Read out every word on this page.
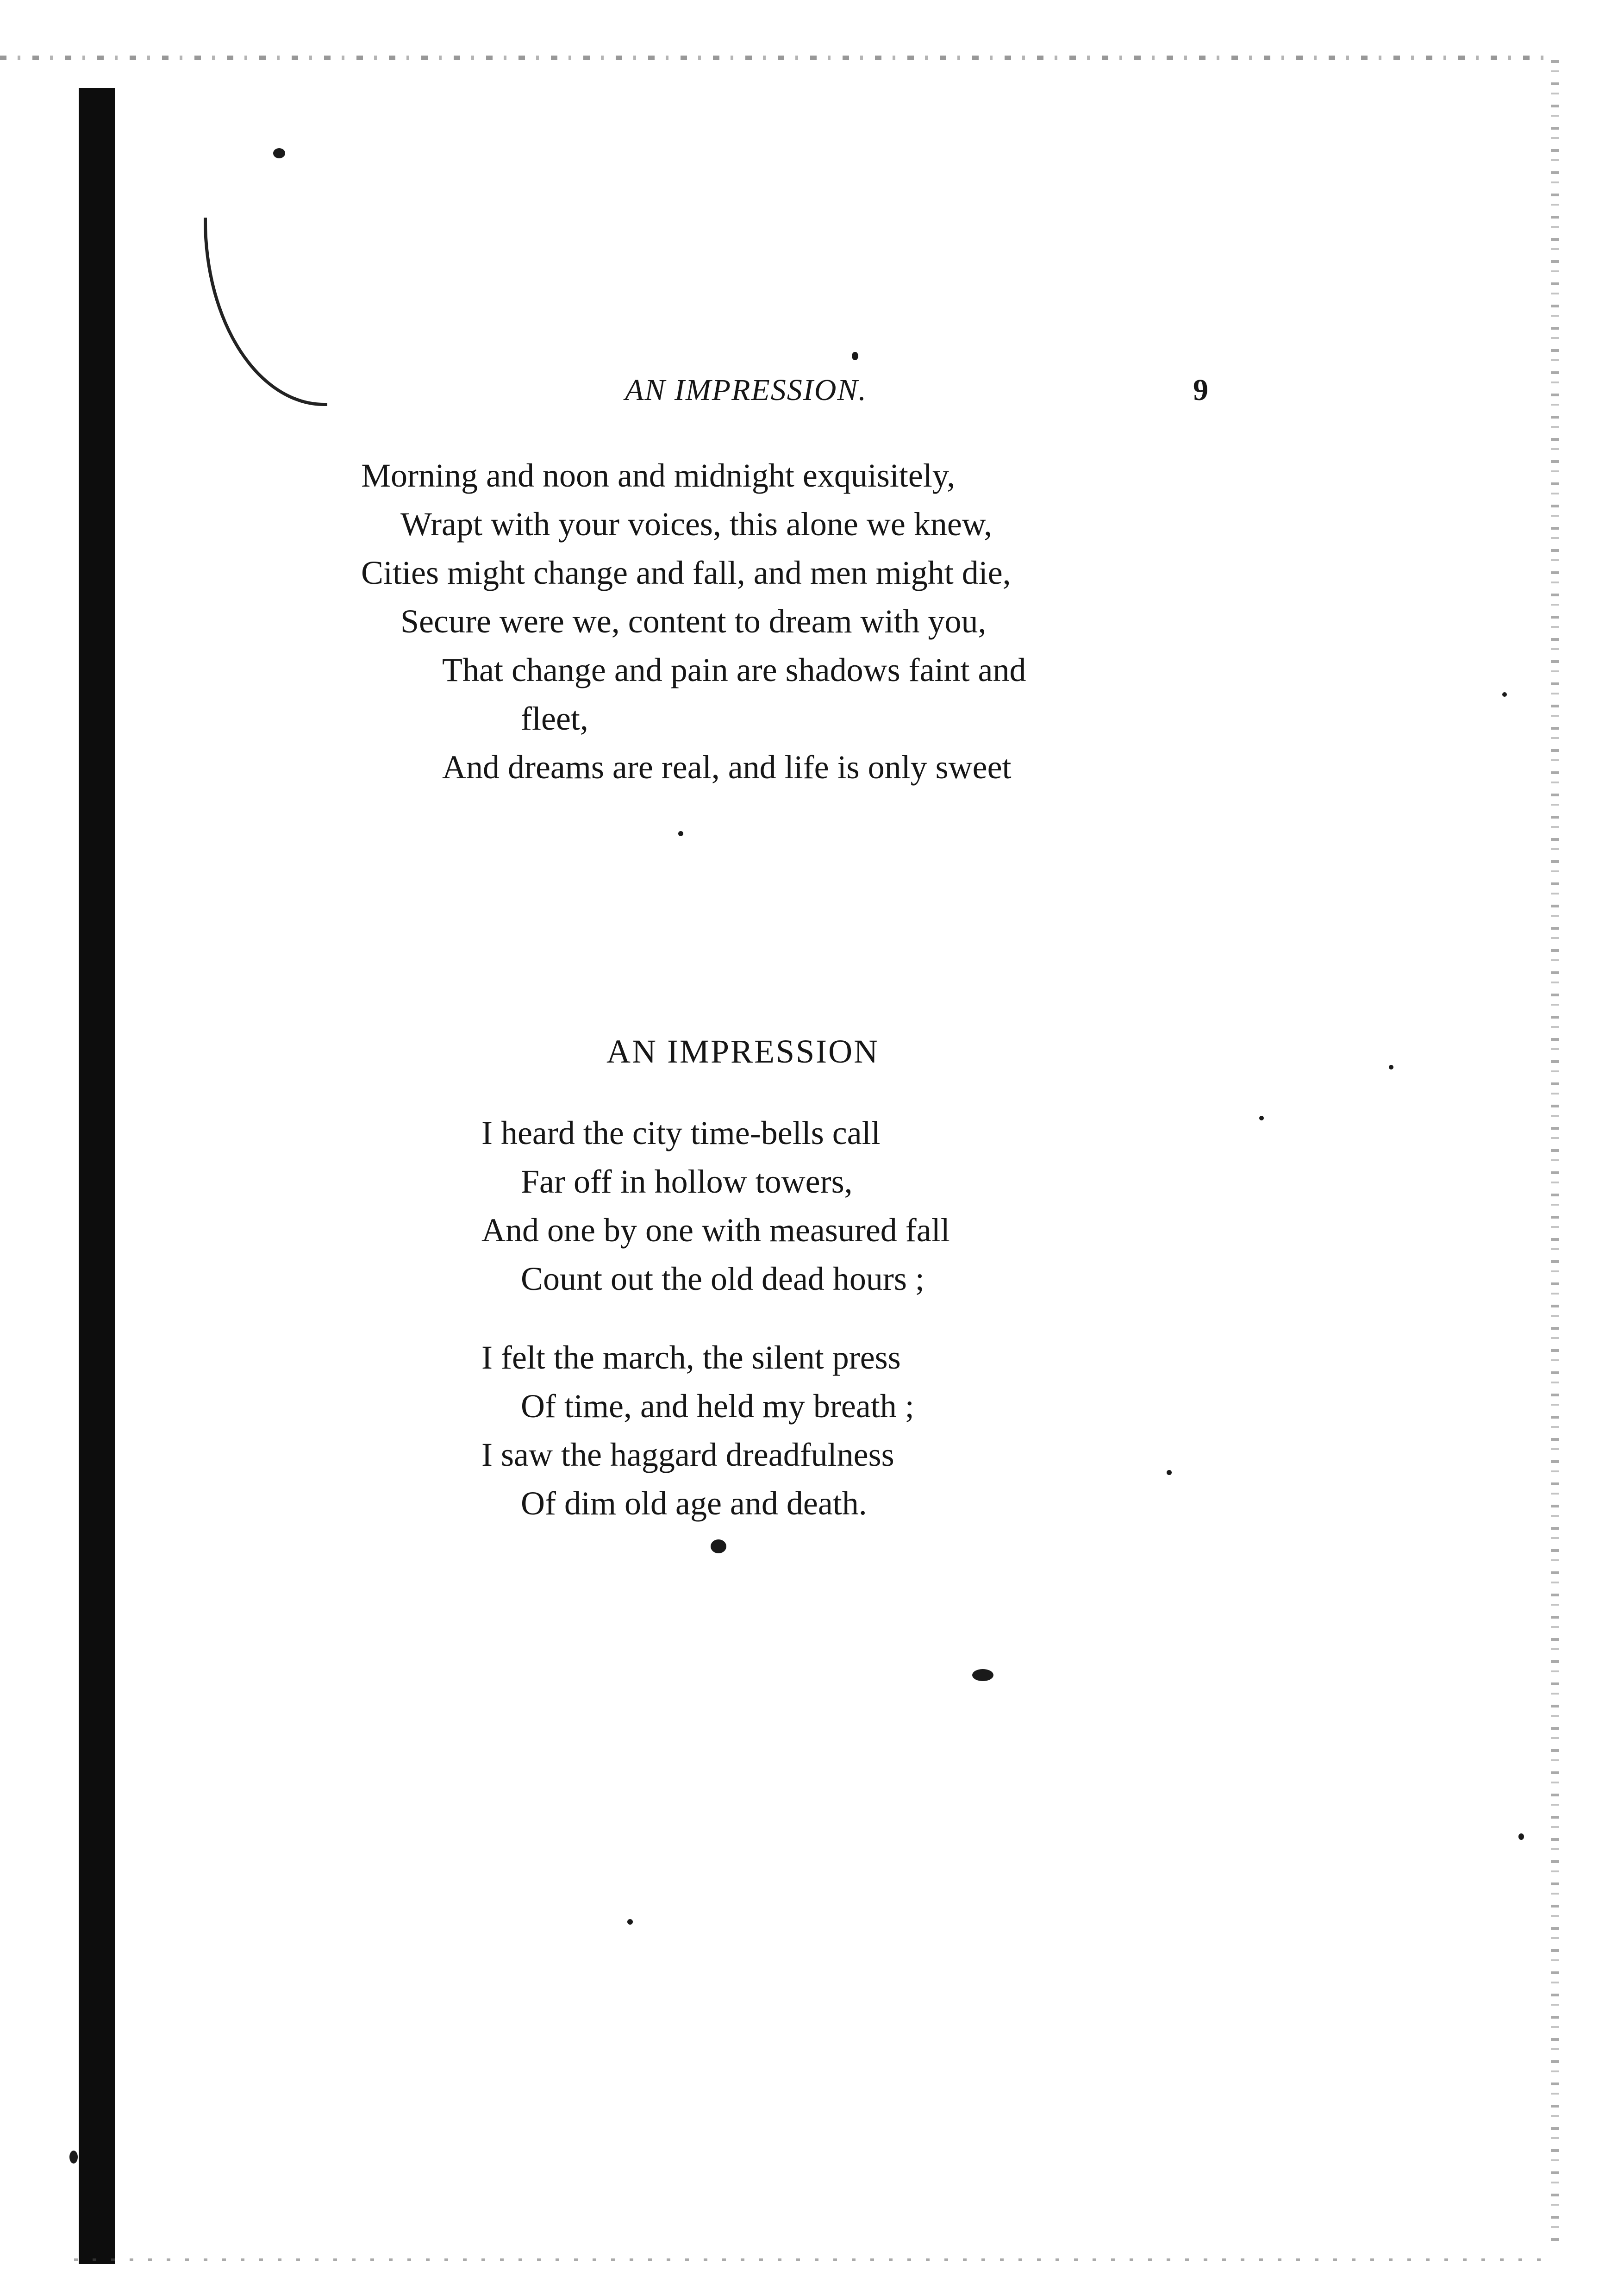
AN IMPRESSION.	9
Morning and noon and midnight exquisitely,
Wrapt with your voices, this alone we knew,
Cities might change and fall, and men might die,
Secure were we, content to dream with you,
That change and pain are shadows faint and
fleet,
And dreams are real, and life is only sweet
AN IMPRESSION
I heard the city time-bells call
Far off in hollow towers,
And one by one with measured fall
Count out the old dead hours ;
I felt the march, the silent press
Of time, and held my breath ;
I saw the haggard dreadfulness
Of dim old age and death.
